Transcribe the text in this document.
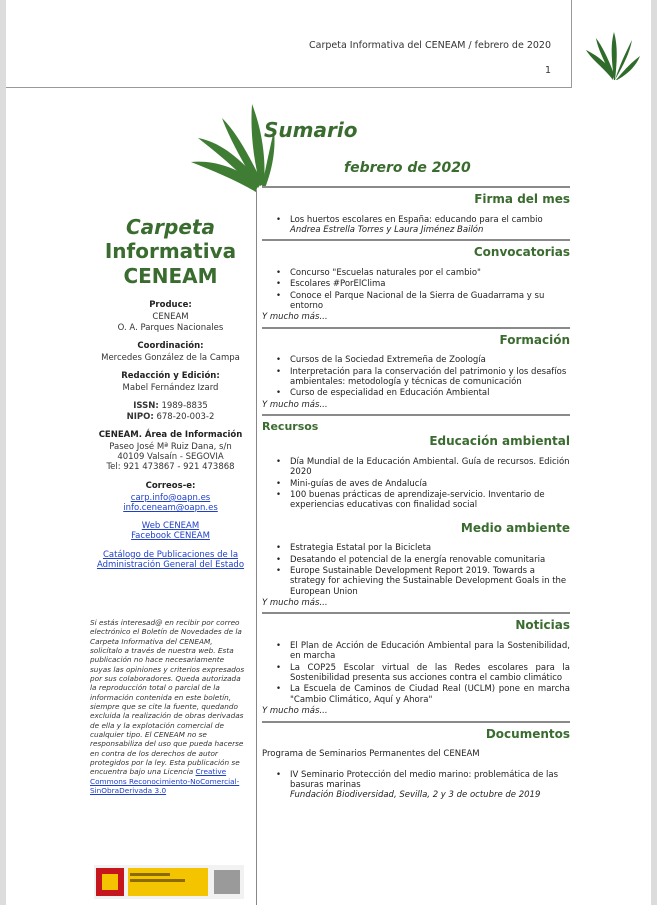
Carpeta Informativa del CENEAM / febrero de 2020
1
Carpeta
Informativa
CENEAM
Produce:
CENEAM
O. A. Parques Nacionales
Coordinación:
Mercedes González de la Campa
Redacción y Edición:
Mabel Fernández Izard
ISSN: 1989-8835
NIPO: 678-20-003-2
CENEAM. Área de Información
Paseo José Mª Ruiz Dana, s/n
40109 Valsaín - SEGOVIA
Tel: 921 473867 - 921 473868
Correos-e:
carp.info@oapn.es
info.ceneam@oapn.es
Web CENEAM
Facebook CENEAM
Catálogo de Publicaciones de la Administración General del Estado
Si estás interesad@ en recibir por correo electrónico el Boletín de Novedades de la Carpeta Informativa del CENEAM, solicítalo a través de nuestra web. Esta publicación no hace necesariamente suyas las opiniones y criterios expresados por sus colaboradores. Queda autorizada la reproducción total o parcial de la información contenida en este boletín, siempre que se cite la fuente, quedando excluida la realización de obras derivadas de ella y la explotación comercial de cualquier tipo. El CENEAM no se responsabiliza del uso que pueda hacerse en contra de los derechos de autor protegidos por la ley. Esta publicación se encuentra bajo una Licencia Creative Commons Reconocimiento-NoComercial-SinObraDerivada 3.0
Sumario
febrero de 2020
Firma del mes
• Los huertos escolares en España: educando para el cambio
Andrea Estrella Torres y Laura Jiménez Bailón
Convocatorias
• Concurso "Escuelas naturales por el cambio"
• Escolares #PorElClima
• Conoce el Parque Nacional de la Sierra de Guadarrama y su entorno
Y mucho más...
Formación
• Cursos de la Sociedad Extremeña de Zoología
• Interpretación para la conservación del patrimonio y los desafíos ambientales: metodología y técnicas de comunicación
• Curso de especialidad en Educación Ambiental
Y mucho más...
Recursos
Educación ambiental
• Día Mundial de la Educación Ambiental. Guía de recursos. Edición 2020
• Mini-guías de aves de Andalucía
• 100 buenas prácticas de aprendizaje-servicio. Inventario de experiencias educativas con finalidad social
Medio ambiente
• Estrategia Estatal por la Bicicleta
• Desatando el potencial de la energía renovable comunitaria
• Europe Sustainable Development Report 2019. Towards a strategy for achieving the Sustainable Development Goals in the European Union
Y mucho más...
Noticias
• El Plan de Acción de Educación Ambiental para la Sostenibilidad, en marcha
• La COP25 Escolar virtual de las Redes escolares para la Sostenibilidad presenta sus acciones contra el cambio climático
• La Escuela de Caminos de Ciudad Real (UCLM) pone en marcha "Cambio Climático, Aquí y Ahora"
Y mucho más...
Documentos
Programa de Seminarios Permanentes del CENEAM
• IV Seminario Protección del medio marino: problemática de las basuras marinas
Fundación Biodiversidad, Sevilla, 2 y 3 de octubre de 2019
